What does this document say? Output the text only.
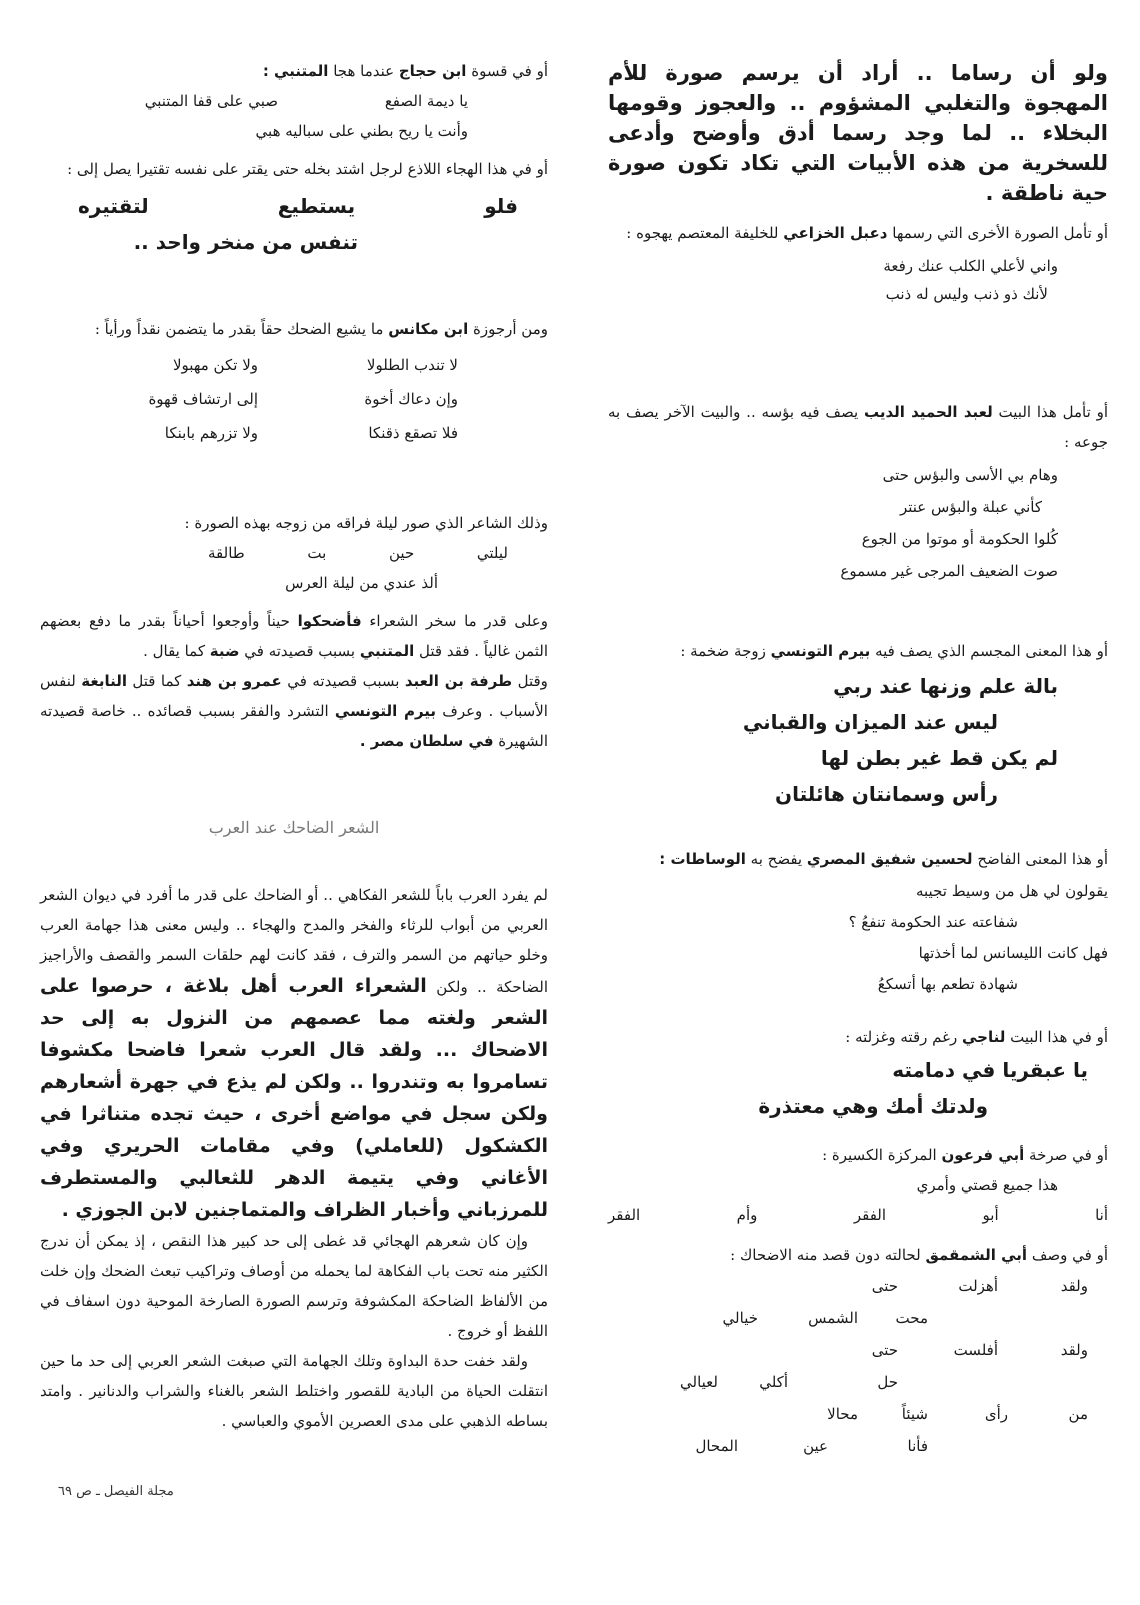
ولو أن رساما .. أراد أن يرسم صورة للأم المهجوة والتغلبي المشؤوم .. والعجوز وقومها البخلاء .. لما وجد رسما أدق وأوضح وأدعى للسخرية من هذه الأبيات التي تكاد تكون صورة حية ناطقة .
أو تأمل الصورة الأخرى التي رسمها دعبل الخزاعي للخليفة المعتصم يهجوه :
واني لأعلي الكلب عنك رفعة
لأنك ذو ذنب وليس له ذنب
أو تأمل هذا البيت لعبد الحميد الديب يصف فيه بؤسه .. والبيت الآخر يصف به جوعه :
وهام بي الأسى والبؤس حتى
كأني عبلة والبؤس عنتر
كُلوا الحكومة أو موتوا من الجوع
صوت الضعيف المرجى غير مسموع
أو هذا المعنى المجسم الذي يصف فيه بيرم التونسي زوجة ضخمة :
بالة علم وزنها عند ربي
ليس عند الميزان والقباني
لم يكن قط غير بطن لها
رأس وسمانتان هائلتان
أو هذا المعنى الفاضح لحسين شفيق المصري يفضح به الوساطات :
يقولون لي هل من وسيط تجيبه
شفاعته عند الحكومة تنفعُ ؟
فهل كانت الليسانس لما أخذتها
شهادة تطعم بها أتسكعُ
أو في هذا البيت لناجي رغم رقته وغزلته :
يا عبقريا في دمامته
ولدتك أمك وهي معتذرة
أو في صرخة أبي فرعون المركزة الكسيرة :
هذا جميع قصتي وأمري
أنا
أبو
الفقر
وأم
الفقر
أو في وصف أبي الشمقمق لحالته دون قصد منه الاضحاك :
ولقد
أهزلت
حتى
محت
الشمس
خيالي
ولقد
أفلست
حتى
حل
أكلي
لعيالي
من
رأى
شيئاً
محالا
فأنا
عين
المحال
أو في قسوة ابن حجاج عندما هجا المتنبي :
يا ديمة الصفع
صبي على قفا المتنبي
وأنت يا ريح بطني على سباليه هبي
أو في هذا الهجاء اللاذع لرجل اشتد بخله حتى يقتر على نفسه تقتيرا يصل إلى :
فلو
يستطيع
لتقتيره
تنفس من منخر واحد ..
ومن أرجوزة ابن مكانس ما يشيع الضحك حقاً بقدر ما يتضمن نقداً ورأياً :
لا تندب الطلولا
ولا تكن مهبولا
وإن دعاك أخوة
إلى ارتشاف قهوة
فلا تصقع ذقنكا
ولا تزرهم بابنكا
وذلك الشاعر الذي صور ليلة فراقه من زوجه بهذه الصورة :
ليلتي
حين
بت
طالقة
ألذ عندي من ليلة العرس

وعلى قدر ما سخر الشعراء فأضحكوا حيناً وأوجعوا أحياناً بقدر ما دفع بعضهم الثمن غالياً . فقد قتل المتنبي بسبب قصيدته في ضبة كما يقال .

وقتل طرفة بن العبد بسبب قصيدته في عمرو بن هند كما قتل النابغة لنفس الأسباب . وعرف بيرم التونسي التشرد والفقر بسبب قصائده .. خاصة قصيدته الشهيرة في سلطان مصر .

الشعر الضاحك عند العرب
لم يفرد العرب باباً للشعر الفكاهي .. أو الضاحك على قدر ما أفرد في ديوان الشعر العربي من أبواب للرثاء والفخر والمدح والهجاء .. وليس معنى هذا جهامة العرب وخلو حياتهم من السمر والترف ، فقد كانت لهم حلقات السمر والقصف والأراجيز الضاحكة .. ولكن الشعراء العرب أهل بلاغة ، حرصوا على الشعر ولغته مما عصمهم من النزول به إلى حد الاضحاك ... ولقد قال العرب شعرا فاضحا مكشوفا تسامروا به وتندروا .. ولكن لم يذع في جهرة أشعارهم ولكن سجل في مواضع أخرى ، حيث تجده متناثرا في الكشكول (للعاملي) وفي مقامات الحريري وفي الأغاني وفي يتيمة الدهر للثعالبي والمستطرف للمرزباني وأخبار الظراف والمتماجنين لابن الجوزي .
وإن كان شعرهم الهجائي قد غطى إلى حد كبير هذا النقص ، إذ يمكن أن ندرج الكثير منه تحت باب الفكاهة لما يحمله من أوصاف وتراكيب تبعث الضحك وإن خلت من الألفاظ الضاحكة المكشوفة وترسم الصورة الصارخة الموحية دون اسفاف في اللفظ أو خروج .
ولقد خفت حدة البداوة وتلك الجهامة التي صبغت الشعر العربي إلى حد ما حين انتقلت الحياة من البادية للقصور واختلط الشعر بالغناء والشراب والدنانير . وامتد بساطه الذهبي على مدى العصرين الأموي والعباسي .
مجلة الفيصل ـ ص ٦٩
